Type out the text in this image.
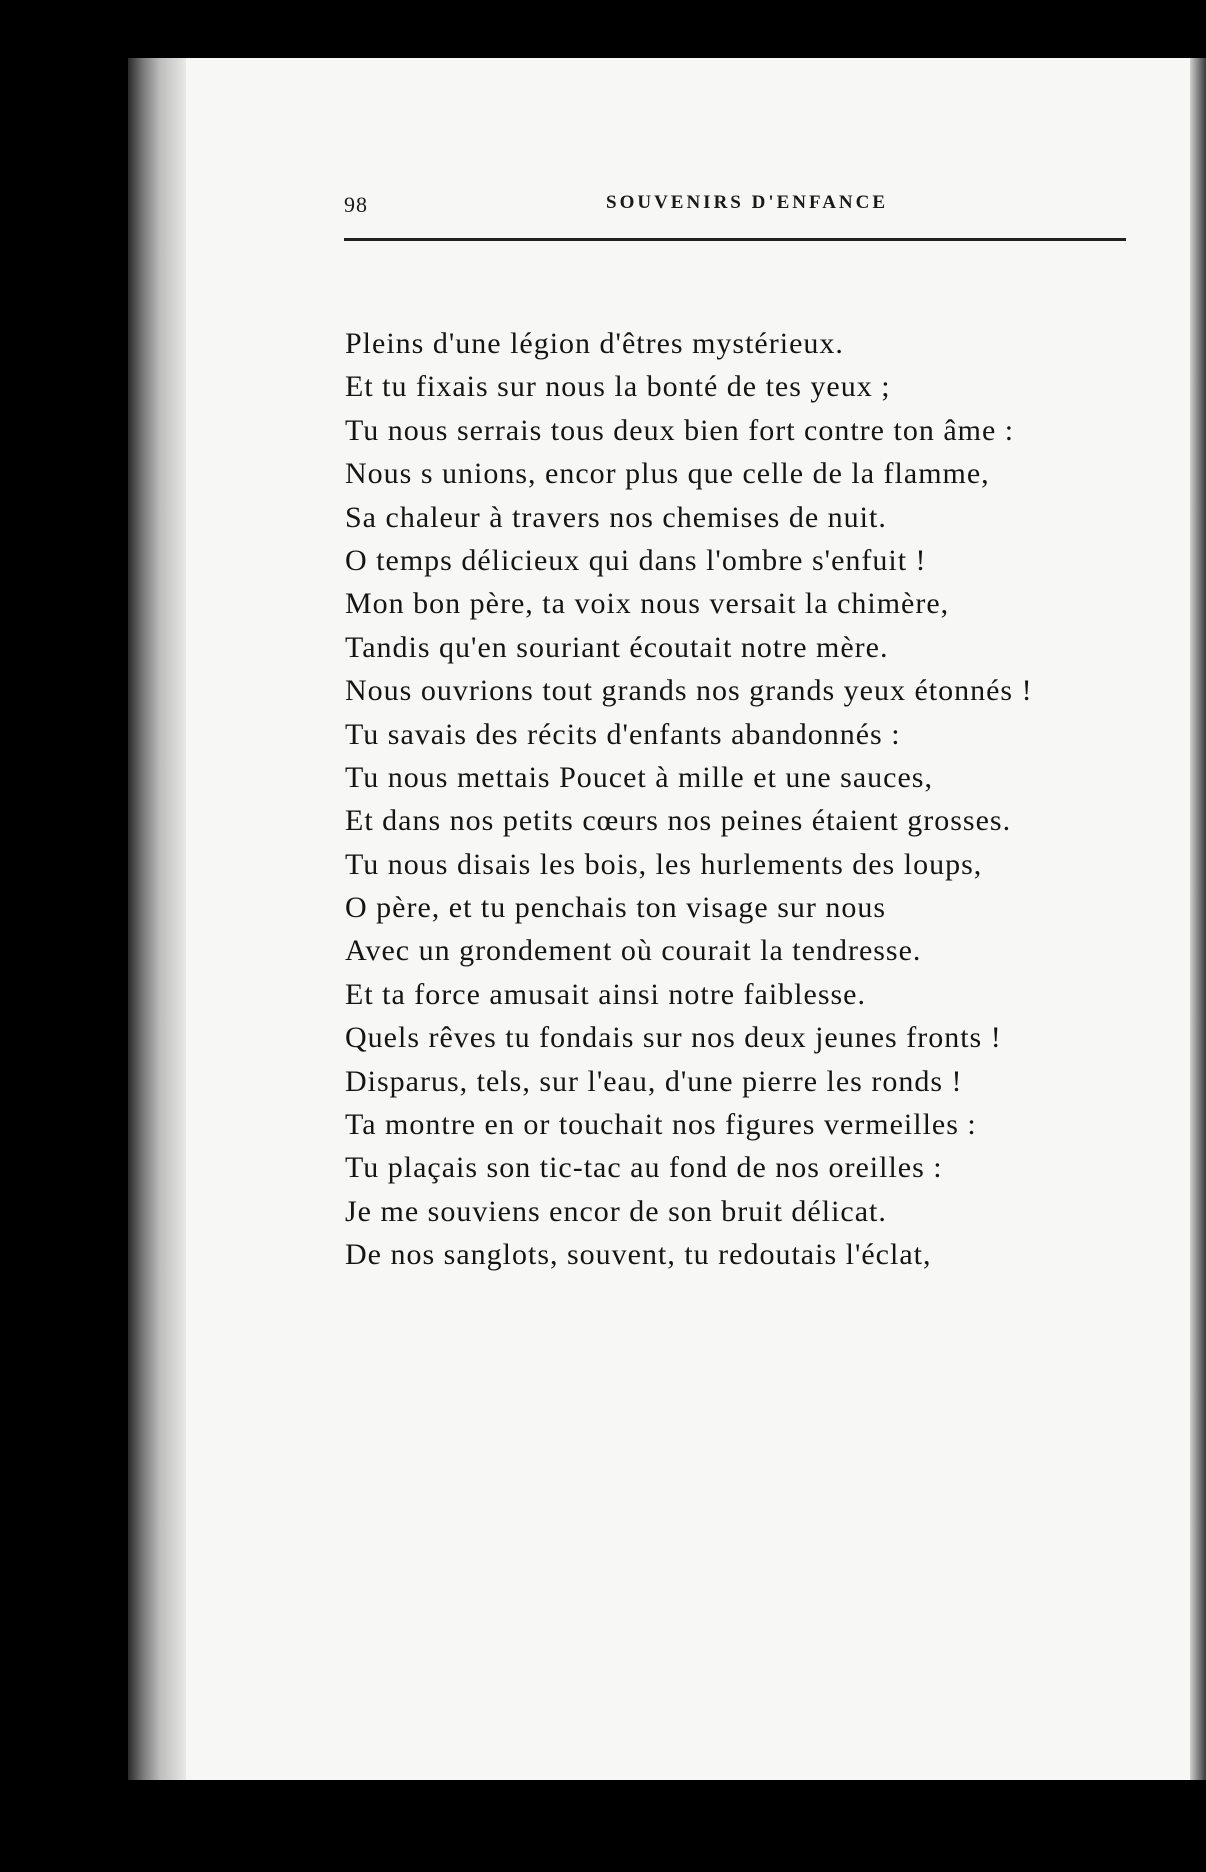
98	SOUVENIRS D'ENFANCE
Pleins d'une légion d'êtres mystérieux.
Et tu fixais sur nous la bonté de tes yeux ;
Tu nous serrais tous deux bien fort contre ton âme :
Nous s unions, encor plus que celle de la flamme,
Sa chaleur à travers nos chemises de nuit.
O temps délicieux qui dans l'ombre s'enfuit !
Mon bon père, ta voix nous versait la chimère,
Tandis qu'en souriant écoutait notre mère.
Nous ouvrions tout grands nos grands yeux étonnés !
Tu savais des récits d'enfants abandonnés :
Tu nous mettais Poucet à mille et une sauces,
Et dans nos petits cœurs nos peines étaient grosses.
Tu nous disais les bois, les hurlements des loups,
O père, et tu penchais ton visage sur nous
Avec un grondement où courait la tendresse.
Et ta force amusait ainsi notre faiblesse.
Quels rêves tu fondais sur nos deux jeunes fronts !
Disparus, tels, sur l'eau, d'une pierre les ronds !
Ta montre en or touchait nos figures vermeilles :
Tu plaçais son tic-tac au fond de nos oreilles :
Je me souviens encor de son bruit délicat.
De nos sanglots, souvent, tu redoutais l'éclat,
